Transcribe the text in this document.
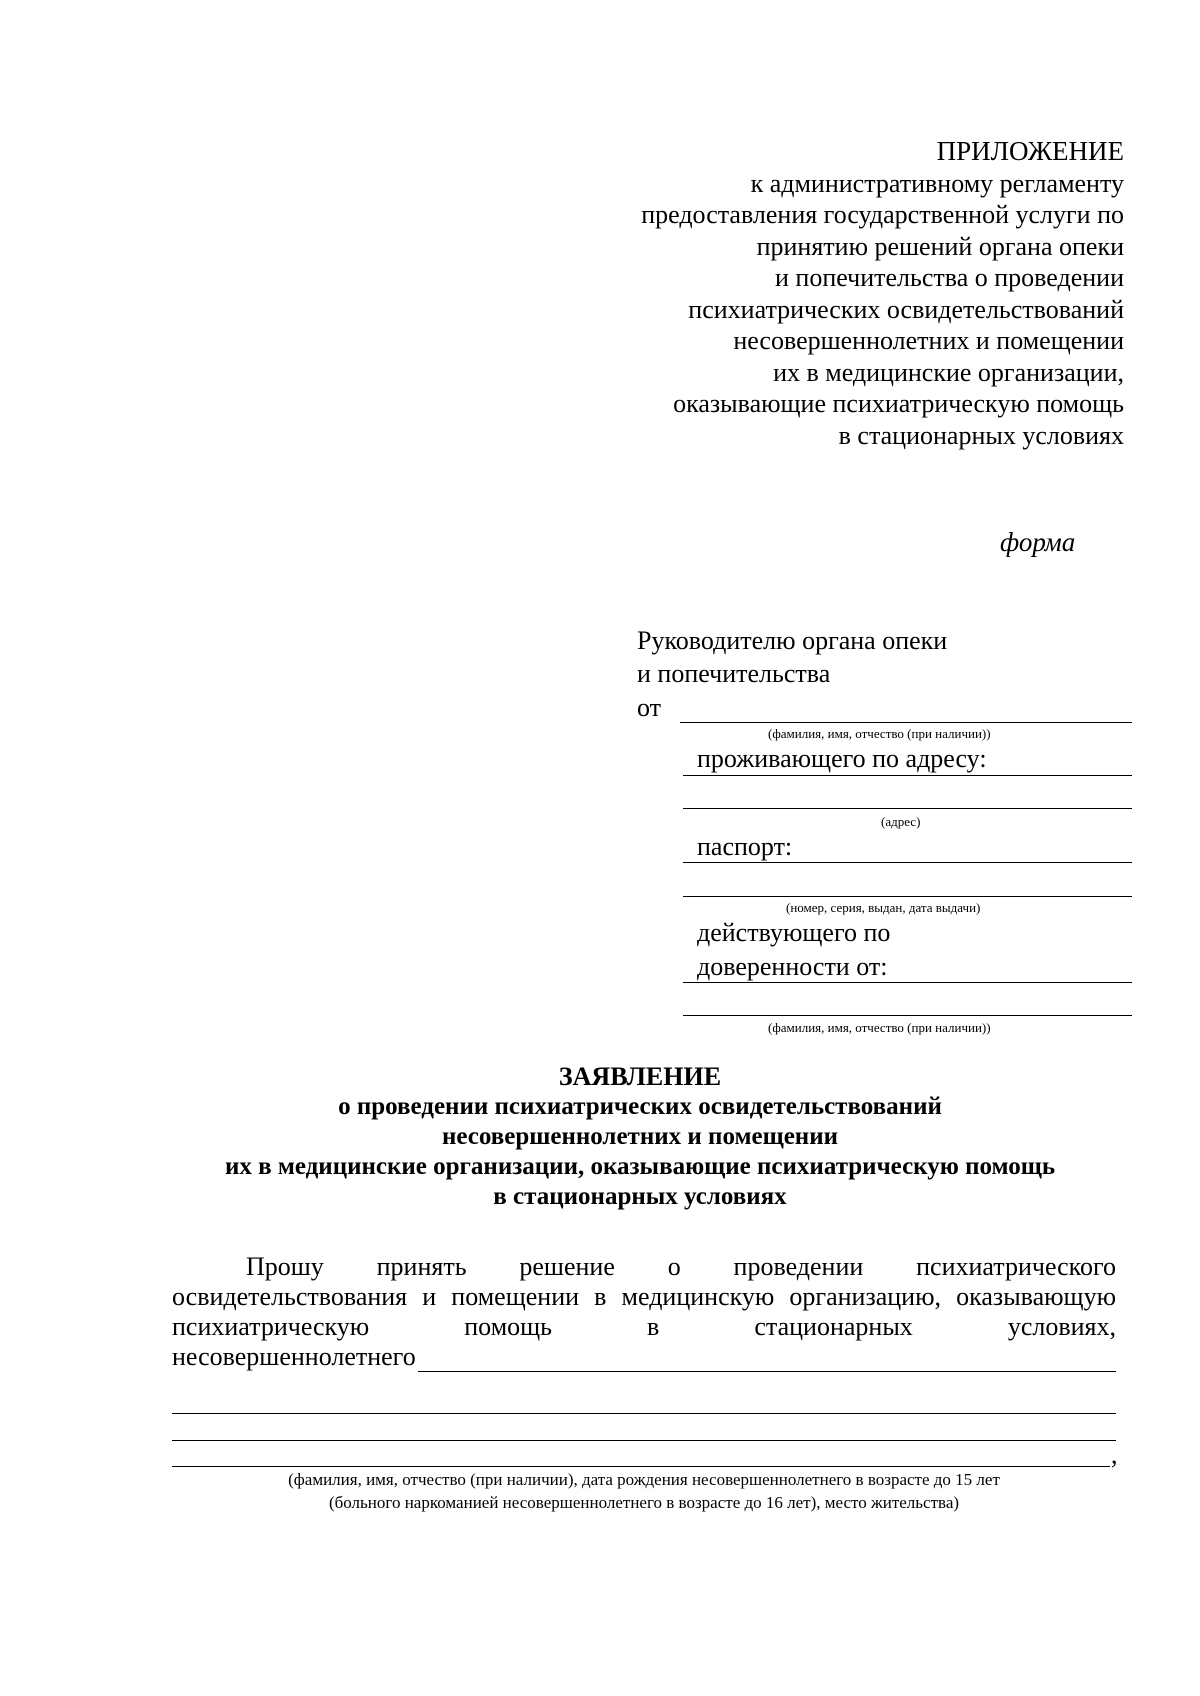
ПРИЛОЖЕНИЕ
к административному регламенту
предоставления государственной услуги по
принятию решений органа опеки
и попечительства о проведении
психиатрических освидетельствований
несовершеннолетних и помещении
их в медицинские организации,
оказывающие психиатрическую помощь
в стационарных условиях
форма
Руководителю органа опеки
и попечительства
от
(фамилия, имя, отчество (при наличии))
проживающего по адресу:
(адрес)
паспорт:
(номер, серия, выдан, дата выдачи)
действующего по
доверенности от:
(фамилия, имя, отчество (при наличии))
ЗАЯВЛЕНИЕ
о проведении психиатрических освидетельствований
несовершеннолетних и помещении
их в медицинские организации, оказывающие психиатрическую помощь
в стационарных условиях

Прошу принять решение о проведении психиатрического освидетельствования и помещении в медицинскую организацию, оказывающую психиатрическую помощь в стационарных условиях,

несовершеннолетнего
,
(фамилия, имя, отчество (при наличии), дата рождения несовершеннолетнего в возрасте до 15 лет
(больного наркоманией несовершеннолетнего в возрасте до 16 лет), место жительства)
